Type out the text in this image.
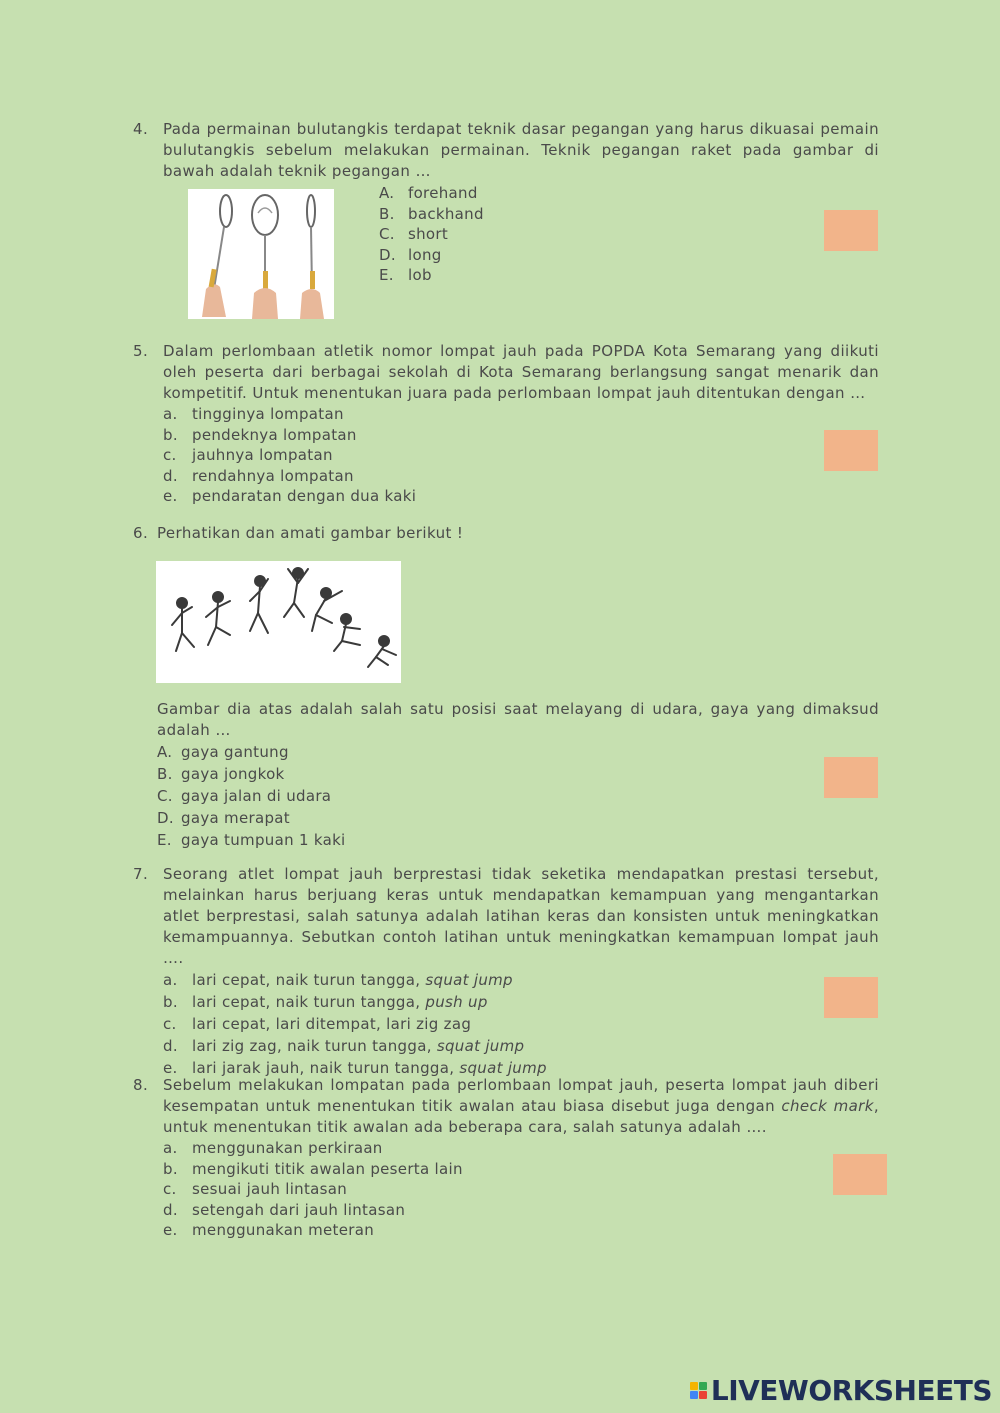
4. Pada permainan bulutangkis terdapat teknik dasar pegangan yang harus dikuasai pemain bulutangkis sebelum melakukan permainan. Teknik pegangan raket pada gambar di bawah adalah teknik pegangan …
A. forehand
B. backhand
C. short
D. long
E. lob
5. Dalam perlombaan atletik nomor lompat jauh pada POPDA Kota Semarang yang diikuti oleh peserta dari berbagai sekolah di Kota Semarang berlangsung sangat menarik dan kompetitif. Untuk menentukan juara pada perlombaan lompat jauh ditentukan dengan …
a. tingginya lompatan
b. pendeknya lompatan
c.	jauhnya lompatan
d. rendahnya lompatan
e. pendaratan dengan dua kaki
6. Perhatikan dan amati gambar berikut !
Gambar dia atas adalah salah satu posisi saat melayang di udara, gaya yang dimaksud adalah …
A. gaya gantung
B. gaya jongkok
C. gaya jalan di udara
D. gaya merapat
E. gaya tumpuan 1 kaki
7. Seorang atlet lompat jauh berprestasi tidak seketika mendapatkan prestasi tersebut, melainkan harus berjuang keras untuk mendapatkan kemampuan yang mengantarkan atlet berprestasi, salah satunya adalah latihan keras dan konsisten untuk meningkatkan kemampuannya. Sebutkan contoh latihan untuk meningkatkan kemampuan lompat jauh ….
a. lari cepat, naik turun tangga, squat jump
b. lari cepat, naik turun tangga, push up
c.	lari cepat, lari ditempat, lari zig zag
d. lari zig zag, naik turun tangga, squat jump
e. lari jarak jauh, naik turun tangga, squat jump
8. Sebelum melakukan lompatan pada perlombaan lompat jauh, peserta lompat jauh diberi kesempatan untuk menentukan titik awalan atau biasa disebut juga dengan check mark, untuk menentukan titik awalan ada beberapa cara, salah satunya adalah ….
a. menggunakan perkiraan
b. mengikuti titik awalan peserta lain
c.	sesuai jauh lintasan
d. setengah dari jauh lintasan
e. menggunakan meteran
LIVEWORKSHEETS
